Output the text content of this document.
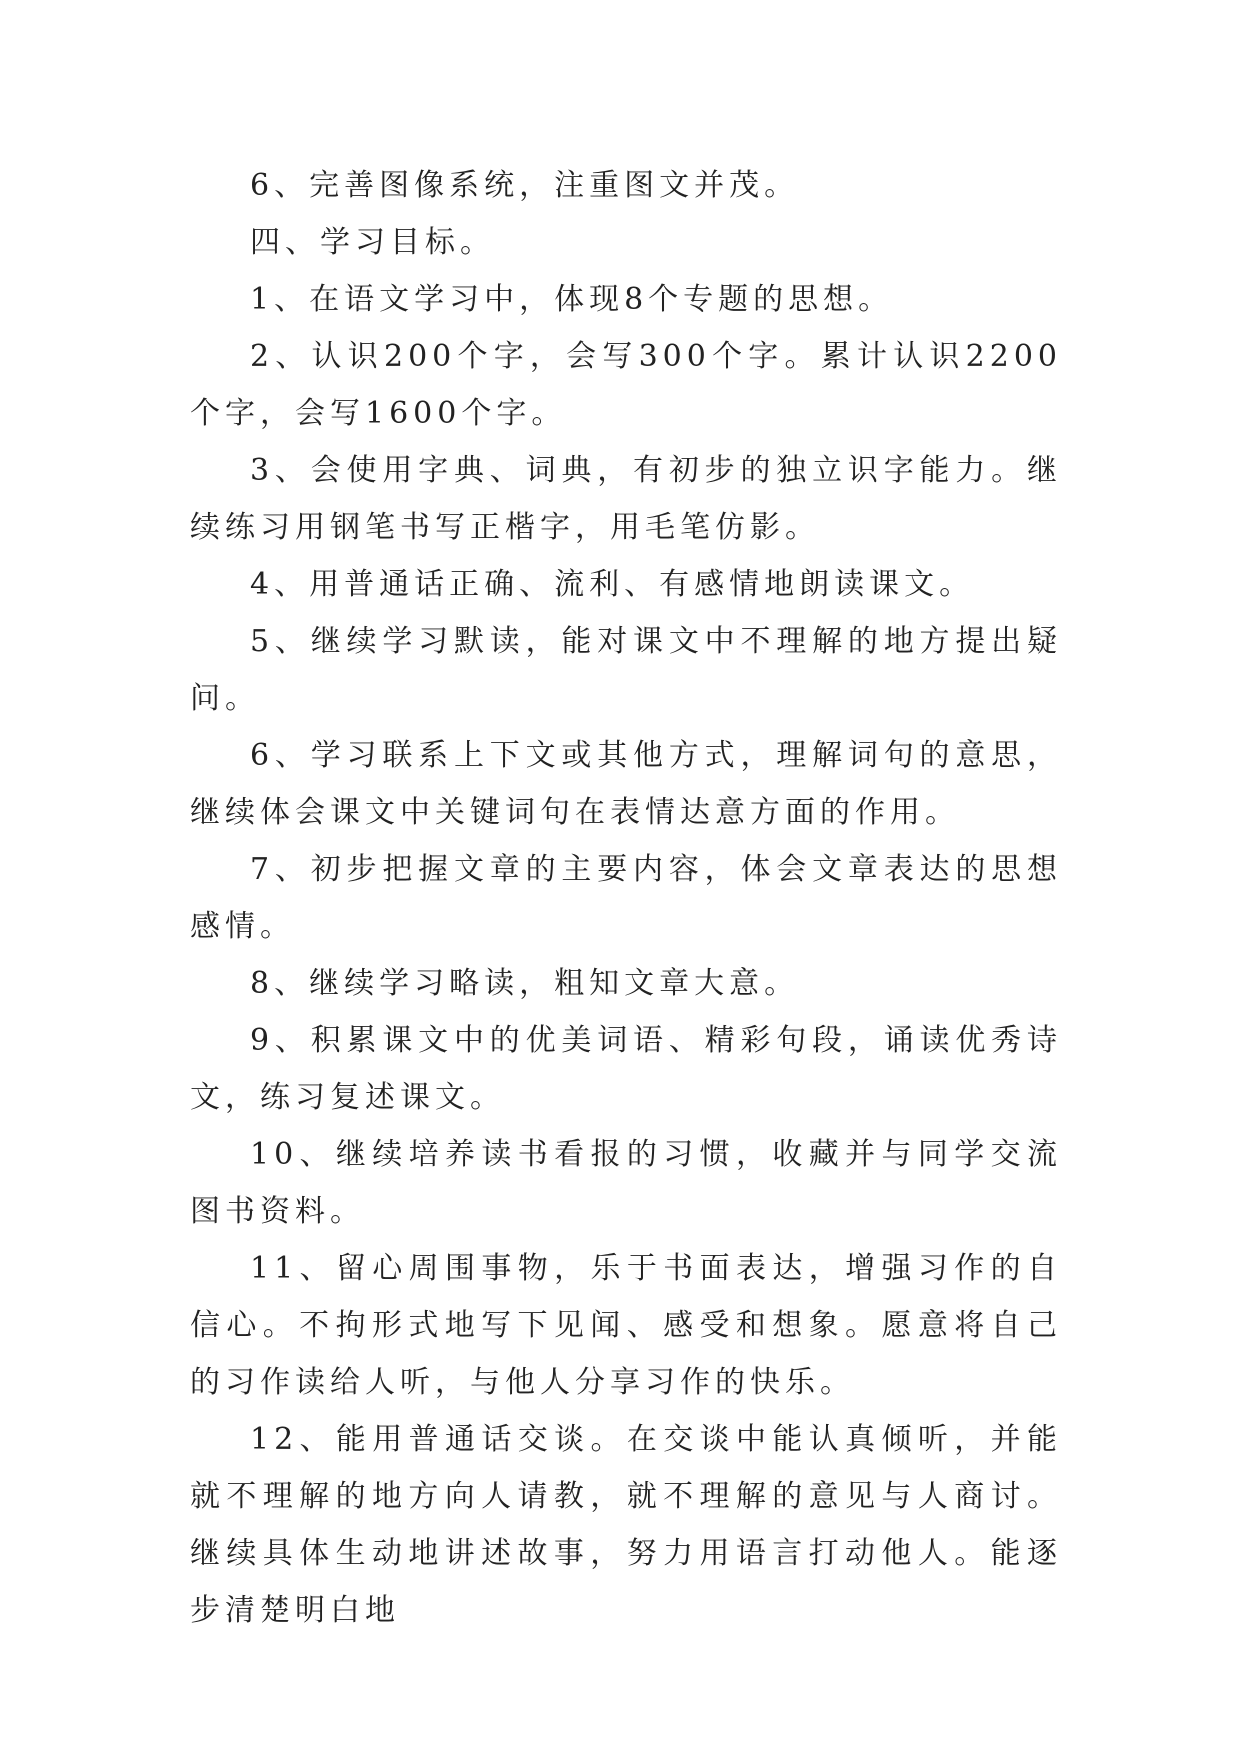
6、完善图像系统，注重图文并茂。

四、学习目标。

1、在语文学习中，体现8个专题的思想。

2、认识200个字，会写300个字。累计认识2200个字，会写1600个字。

3、会使用字典、词典，有初步的独立识字能力。继续练习用钢笔书写正楷字，用毛笔仿影。

4、用普通话正确、流利、有感情地朗读课文。

5、继续学习默读，能对课文中不理解的地方提出疑问。

6、学习联系上下文或其他方式，理解词句的意思，继续体会课文中关键词句在表情达意方面的作用。

7、初步把握文章的主要内容，体会文章表达的思想感情。

8、继续学习略读，粗知文章大意。

9、积累课文中的优美词语、精彩句段，诵读优秀诗文，练习复述课文。

10、继续培养读书看报的习惯，收藏并与同学交流图书资料。

11、留心周围事物，乐于书面表达，增强习作的自信心。不拘形式地写下见闻、感受和想象。愿意将自己的习作读给人听，与他人分享习作的快乐。

12、能用普通话交谈。在交谈中能认真倾听，并能就不理解的地方向人请教，就不理解的意见与人商讨。继续具体生动地讲述故事，努力用语言打动他人。能逐步清楚明白地
